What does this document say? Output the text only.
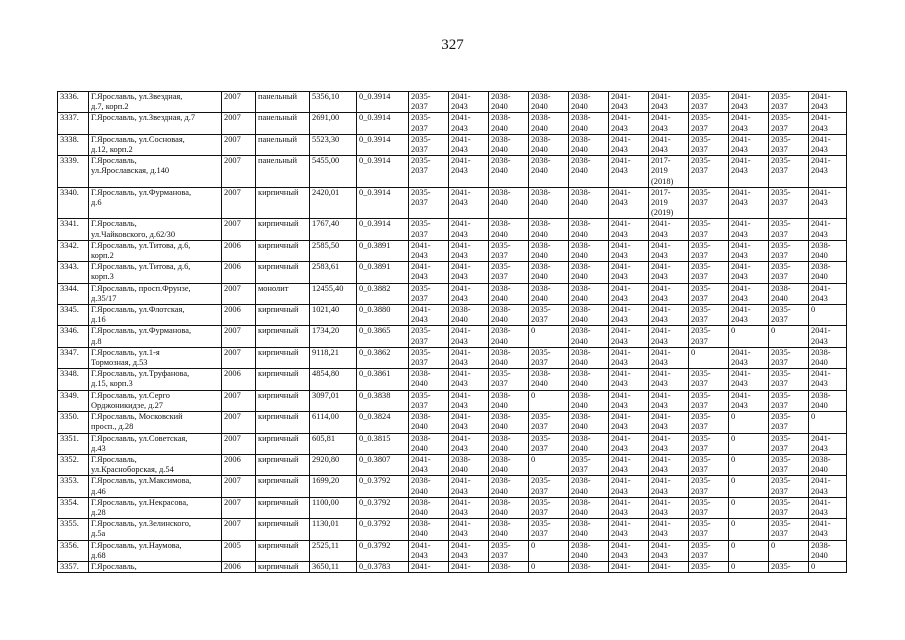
327
3336.	Г.Ярославль, ул.Звездная,
д.7, корп.2	2007	панельный	5356,10	0_0.3914	2035-
2037	2041-
2043	2038-
2040	2038-
2040	2038-
2040	2041-
2043	2041-
2043	2035-
2037	2041-
2043	2035-
2037	2041-
2043
3337.	Г.Ярославль, ул.Звездная, д.7	2007	панельный	2691,00	0_0.3914	2035-
2037	2041-
2043	2038-
2040	2038-
2040	2038-
2040	2041-
2043	2041-
2043	2035-
2037	2041-
2043	2035-
2037	2041-
2043
3338.	Г.Ярославль, ул.Сосновая,
д.12, корп.2	2007	панельный	5523,30	0_0.3914	2035-
2037	2041-
2043	2038-
2040	2038-
2040	2038-
2040	2041-
2043	2041-
2043	2035-
2037	2041-
2043	2035-
2037	2041-
2043
3339.	Г.Ярославль,
ул.Ярославская, д.140	2007	панельный	5455,00	0_0.3914	2035-
2037	2041-
2043	2038-
2040	2038-
2040	2038-
2040	2041-
2043	2017-
2019
(2018)	2035-
2037	2041-
2043	2035-
2037	2041-
2043
3340.	Г.Ярославль, ул.Фурманова,
д.6	2007	кирпичный	2420,01	0_0.3914	2035-
2037	2041-
2043	2038-
2040	2038-
2040	2038-
2040	2041-
2043	2017-
2019
(2019)	2035-
2037	2041-
2043	2035-
2037	2041-
2043
3341.	Г.Ярославль,
ул.Чайковского, д.62/30	2007	кирпичный	1767,40	0_0.3914	2035-
2037	2041-
2043	2038-
2040	2038-
2040	2038-
2040	2041-
2043	2041-
2043	2035-
2037	2041-
2043	2035-
2037	2041-
2043
3342.	Г.Ярославль, ул.Титова, д.6,
корп.2	2006	кирпичный	2585,50	0_0.3891	2041-
2043	2041-
2043	2035-
2037	2038-
2040	2038-
2040	2041-
2043	2041-
2043	2035-
2037	2041-
2043	2035-
2037	2038-
2040
3343.	Г.Ярославль, ул.Титова, д.6,
корп.3	2006	кирпичный	2583,61	0_0.3891	2041-
2043	2041-
2043	2035-
2037	2038-
2040	2038-
2040	2041-
2043	2041-
2043	2035-
2037	2041-
2043	2035-
2037	2038-
2040
3344.	Г.Ярославль, просп.Фрунзе,
д.35/17	2007	монолит	12455,40	0_0.3882	2035-
2037	2041-
2043	2038-
2040	2038-
2040	2038-
2040	2041-
2043	2041-
2043	2035-
2037	2041-
2043	2038-
2040	2041-
2043
3345.	Г.Ярославль, ул.Флотская,
д.16	2006	кирпичный	1021,40	0_0.3880	2041-
2043	2038-
2040	2038-
2040	2035-
2037	2038-
2040	2041-
2043	2041-
2043	2035-
2037	2041-
2043	2035-
2037	0
3346.	Г.Ярославль, ул.Фурманова,
д.8	2007	кирпичный	1734,20	0_0.3865	2035-
2037	2041-
2043	2038-
2040	0	2038-
2040	2041-
2043	2041-
2043	2035-
2037	0	0	2041-
2043
3347.	Г.Ярославль, ул.1-я
Тормозная, д.53	2007	кирпичный	9118,21	0_0.3862	2035-
2037	2041-
2043	2038-
2040	2035-
2037	2038-
2040	2041-
2043	2041-
2043	0	2041-
2043	2035-
2037	2038-
2040
3348.	Г.Ярославль, ул.Труфанова,
д.15, корп.3	2006	кирпичный	4854,80	0_0.3861	2038-
2040	2041-
2043	2035-
2037	2038-
2040	2038-
2040	2041-
2043	2041-
2043	2035-
2037	2041-
2043	2035-
2037	2041-
2043
3349.	Г.Ярославль, ул.Серго
Орджоникидзе, д.27	2007	кирпичный	3097,01	0_0.3838	2035-
2037	2041-
2043	2038-
2040	0	2038-
2040	2041-
2043	2041-
2043	2035-
2037	2041-
2043	2035-
2037	2038-
2040
3350.	Г.Ярославль, Московский
просп., д.28	2007	кирпичный	6114,00	0_0.3824	2038-
2040	2041-
2043	2038-
2040	2035-
2037	2038-
2040	2041-
2043	2041-
2043	2035-
2037	0	2035-
2037	0
3351.	Г.Ярославль, ул.Советская,
д.43	2007	кирпичный	605,81	0_0.3815	2038-
2040	2041-
2043	2038-
2040	2035-
2037	2038-
2040	2041-
2043	2041-
2043	2035-
2037	0	2035-
2037	2041-
2043
3352.	Г.Ярославль,
ул.Красноборская, д.54	2006	кирпичный	2920,80	0_0.3807	2041-
2043	2038-
2040	2038-
2040	0	2035-
2037	2041-
2043	2041-
2043	2035-
2037	0	2035-
2037	2038-
2040
3353.	Г.Ярославль, ул.Максимова,
д.46	2007	кирпичный	1699,20	0_0.3792	2038-
2040	2041-
2043	2038-
2040	2035-
2037	2038-
2040	2041-
2043	2041-
2043	2035-
2037	0	2035-
2037	2041-
2043
3354.	Г.Ярославль, ул.Некрасова,
д.28	2007	кирпичный	1100,00	0_0.3792	2038-
2040	2041-
2043	2038-
2040	2035-
2037	2038-
2040	2041-
2043	2041-
2043	2035-
2037	0	2035-
2037	2041-
2043
3355.	Г.Ярославль, ул.Зелинского,
д.5а	2007	кирпичный	1130,01	0_0.3792	2038-
2040	2041-
2043	2038-
2040	2035-
2037	2038-
2040	2041-
2043	2041-
2043	2035-
2037	0	2035-
2037	2041-
2043
3356.	Г.Ярославль, ул.Наумова,
д.68	2005	кирпичный	2525,11	0_0.3792	2041-
2043	2041-
2043	2035-
2037	0	2038-
2040	2041-
2043	2041-
2043	2035-
2037	0	0	2038-
2040
3357.	Г.Ярославль,	2006	кирпичный	3650,11	0_0.3783	2041-	2041-	2038-	0	2038-	2041-	2041-	2035-	0	2035-	0
